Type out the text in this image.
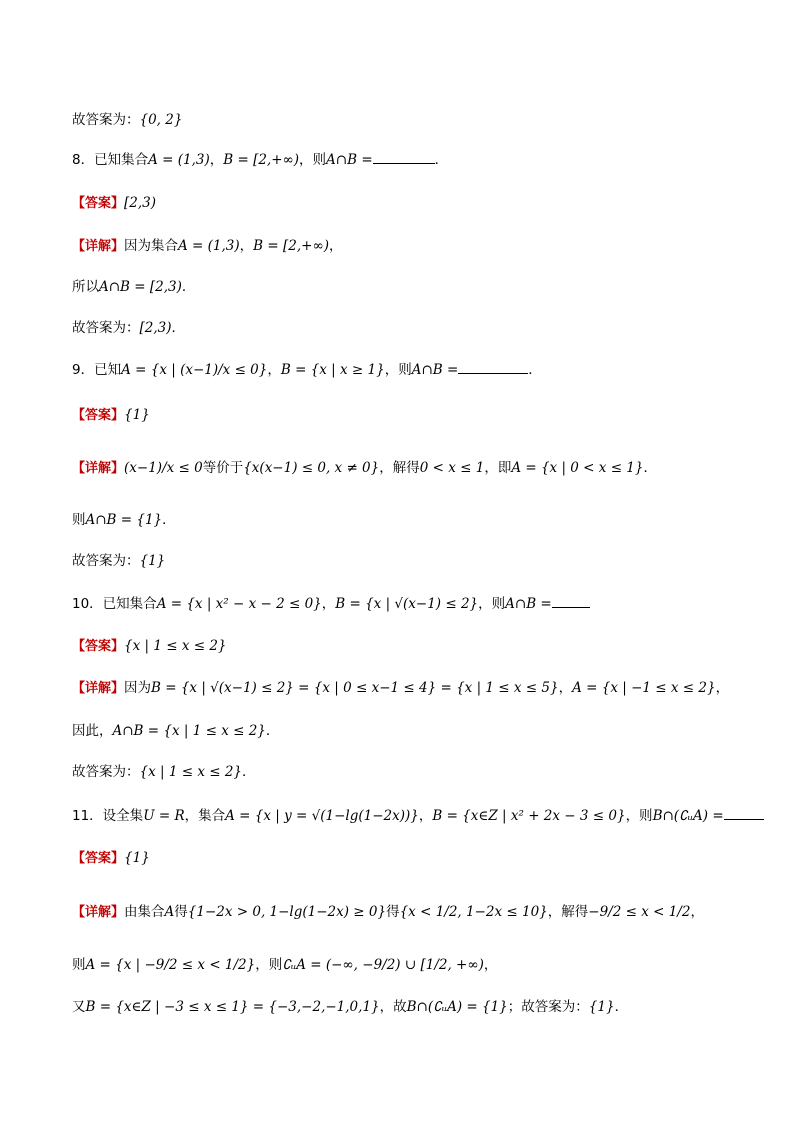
故答案为：{0, 2}
8．已知集合A = (1,3)，B = [2,+∞)，则A∩B =	．
【答案】[2,3)
【详解】因为集合A = (1,3)，B = [2,+∞)，
所以A∩B = [2,3)．
故答案为：[2,3)．
9．已知A = {x | (x−1)/x ≤ 0}，B = {x | x ≥ 1}，则A∩B =	．
【答案】{1}
【详解】(x−1)/x ≤ 0等价于{x(x−1) ≤ 0, x ≠ 0}，解得0 < x ≤ 1，即A = {x | 0 < x ≤ 1}．
则A∩B = {1}．
故答案为：{1}
10．已知集合A = {x | x² − x − 2 ≤ 0}，B = {x | √(x−1) ≤ 2}，则A∩B =
【答案】{x | 1 ≤ x ≤ 2}
【详解】因为B = {x | √(x−1) ≤ 2} = {x | 0 ≤ x−1 ≤ 4} = {x | 1 ≤ x ≤ 5}，A = {x | −1 ≤ x ≤ 2}，
因此，A∩B = {x | 1 ≤ x ≤ 2}．
故答案为：{x | 1 ≤ x ≤ 2}．
11．设全集U = R，集合A = {x | y = √(1−lg(1−2x))}，B = {x∈Z | x² + 2x − 3 ≤ 0}，则B∩(∁ᵤA) =
【答案】{1}
【详解】由集合A得{1−2x > 0, 1−lg(1−2x) ≥ 0}得{x < 1/2, 1−2x ≤ 10}，解得−9/2 ≤ x < 1/2，
则A = {x | −9/2 ≤ x < 1/2}，则∁ᵤA = (−∞, −9/2) ∪ [1/2, +∞)，
又B = {x∈Z | −3 ≤ x ≤ 1} = {−3,−2,−1,0,1}，故B∩(∁ᵤA) = {1}；故答案为：{1}．
